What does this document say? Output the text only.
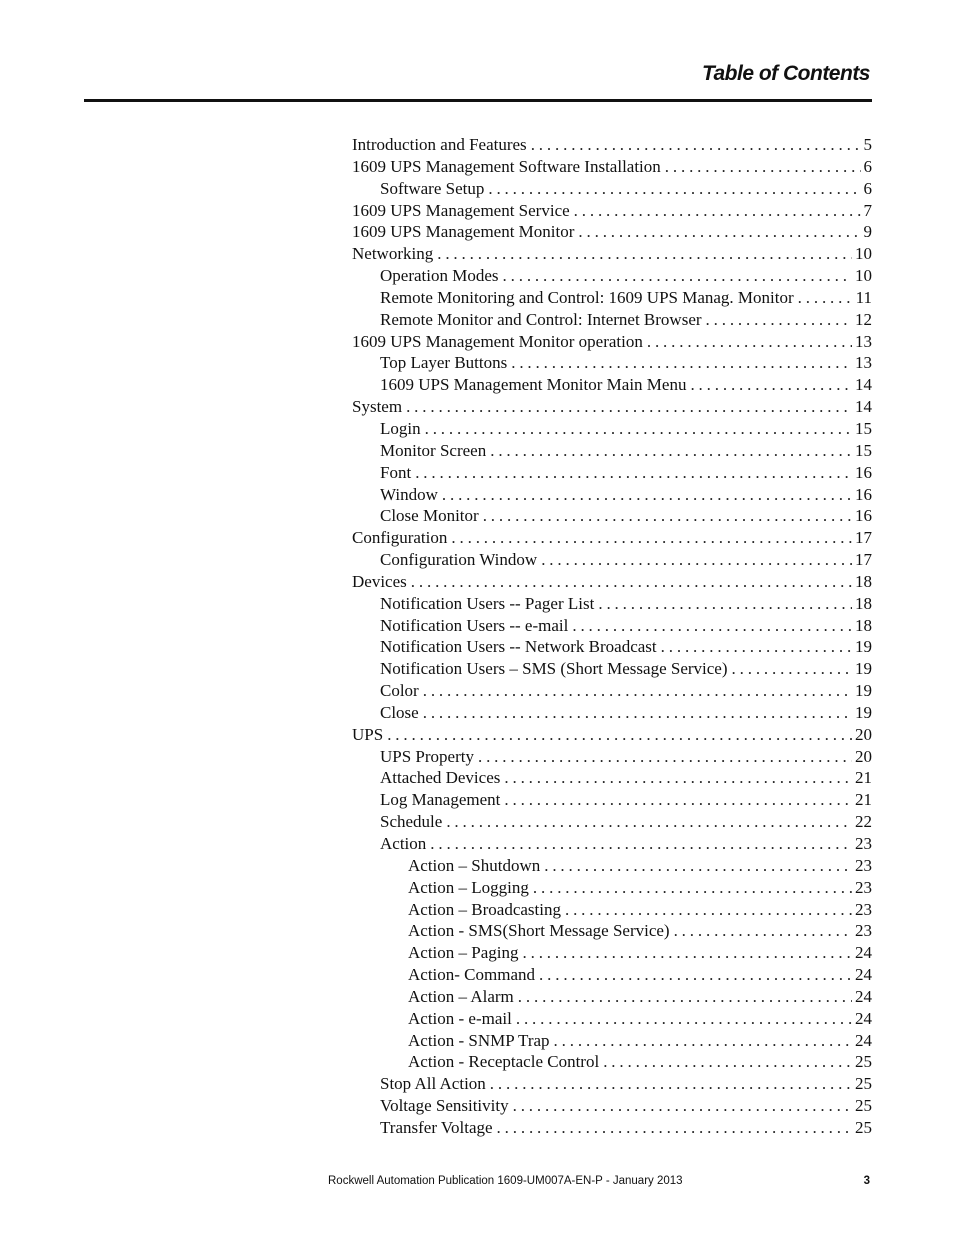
Table of Contents
Introduction and Features . . .	5
1609 UPS Management Software Installation . . .	6
Software Setup . . .	6
1609 UPS Management Service . . .	7
1609 UPS Management Monitor . . .	9
Networking . . .	10
Operation Modes . . .	10
Remote Monitoring and Control: 1609 UPS Manag. Monitor . . .	11
Remote Monitor and Control: Internet Browser . . .	12
1609 UPS Management Monitor operation . . .	13
Top Layer Buttons . . .	13
1609 UPS Management Monitor Main Menu . . .	14
System . . .	14
Login . . .	15
Monitor Screen . . .	15
Font . . .	16
Window . . .	16
Close Monitor . . .	16
Configuration . . .	17
Configuration Window . . .	17
Devices . . .	18
Notification Users -- Pager List . . .	18
Notification Users -- e-mail . . .	18
Notification Users -- Network Broadcast . . .	19
Notification Users – SMS (Short Message Service) . . .	19
Color . . .	19
Close . . .	19
UPS . . .	20
UPS Property . . .	20
Attached Devices . . .	21
Log Management . . .	21
Schedule . . .	22
Action . . .	23
Action – Shutdown . . .	23
Action – Logging . . .	23
Action – Broadcasting . . .	23
Action - SMS(Short Message Service) . . .	23
Action – Paging . . .	24
Action- Command . . .	24
Action – Alarm . . .	24
Action - e-mail . . .	24
Action - SNMP Trap . . .	24
Action - Receptacle Control . . .	25
Stop All Action . . .	25
Voltage Sensitivity . . .	25
Transfer Voltage . . .	25
Rockwell Automation Publication 1609-UM007A-EN-P - January 2013	3
